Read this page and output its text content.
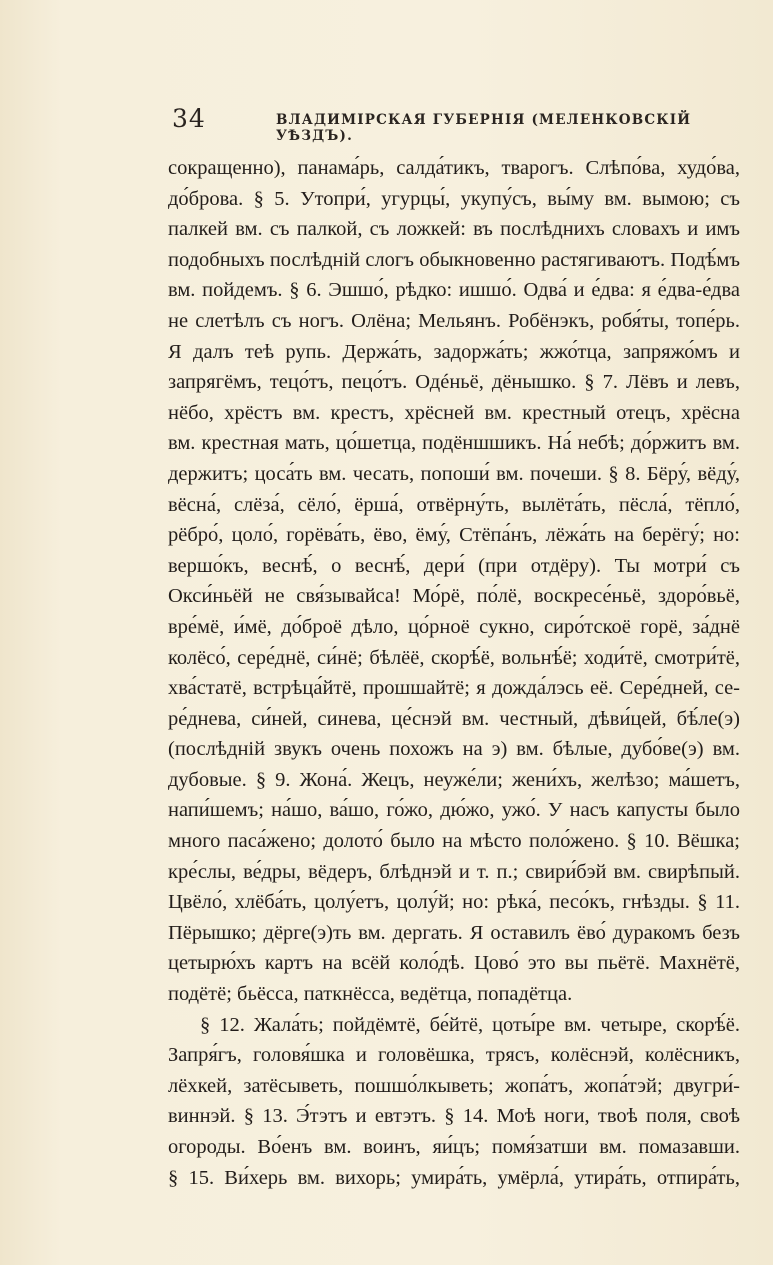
34	ВЛАДИМІРСКАЯ ГУБЕРНІЯ (МЕЛЕНКОВСКІЙ УѢЗДЪ).
сокращенно), панама́рь, салда́тикъ, тварогъ. Слѣпо́ва, худо́ва,
до́брова. § 5. Утопри́, угурцы́, укупу́съ, вы́му вм. вымою; съ
палкей вм. съ палкой, съ ложкей: въ послѣднихъ словахъ и имъ
подобныхъ послѣдній слогъ обыкновенно растягиваютъ. Подѣ́мъ
вм. пойдемъ. § 6. Эшшо́, рѣдко: ишшо́. Одва́ и е́два: я е́два-е́два
не слетѣлъ съ ногъ. Олёна; Мельянъ. Робёнэкъ, робя́ты, топе́рь.
Я далъ теѣ рупь. Держа́ть, задоржа́ть; жжо́тца, запряжо́мъ и
запрягёмъ, тецо́тъ, пецо́тъ. Одéньё, дёнышко. § 7. Лёвъ и левъ,
нёбо, хрёстъ вм. крестъ, хрёсней вм. крестный отецъ, хрёсна
вм. крестная мать, цо́шетца, подёншшикъ. На́ небѣ; до́ржитъ вм.
держитъ; цоса́ть вм. чесать, попоши́ вм. почеши. § 8. Бёру́, вёду́,
вёсна́, слёза́, сёло́, ёрша́, отвёрну́ть, вылёта́ть, пёсла́, тёпло́,
рёбро́, цоло́, горёва́ть, ёво, ёму́, Стёпа́нъ, лёжа́ть на берёгу́; но:
вершо́къ, веснѣ́, о веснѣ́, дери́ (при отдёру). Ты мотри́ съ
Окси́ньёй не свя́зывайса! Мо́рё, по́лё, воскресе́ньё, здоро́вьё,
вре́мё, и́мё, до́броё дѣло, цо́рноё сукно, сиро́тскоё горё, за́днё
колёсо́, сере́днё, си́нё; бѣлёё, скорѣ́ё, вольнѣ́ё; ходи́тё, смотри́тё,
хва́статё, встрѣца́йтё, прошшайтё; я дожда́лэсь её. Сере́дней, се-
ре́днева, си́ней, синева, це́снэй вм. честный, дѣви́цей, бѣ́ле(э)
(послѣдній звукъ очень похожъ на э) вм. бѣлые, дубо́ве(э) вм.
дубовые. § 9. Жона́. Жецъ, неуже́ли; жени́хъ, желѣзо; ма́шетъ,
напи́шемъ; на́шо, ва́шо, го́жо, дю́жо, ужо́. У насъ капусты было
много паса́жено; долото́ было на мѣсто поло́жено. § 10. Вёшка;
кре́слы, ве́дры, вёдеръ, блѣднэй и т. п.; свири́бэй вм. свирѣпый.
Цвёло́, хлёба́ть, цолу́етъ, цолу́й; но: рѣка́, песо́къ, гнѣзды. § 11.
Пёрышко; дёрге(э)ть вм. дергать. Я оставилъ ёво́ дуракомъ безъ
цетырю́хъ картъ на всёй коло́дѣ. Цово́ это вы пьётё. Махнётё,
подётё; бьёсса, паткнёсса, ведётца, попадётца.
§ 12. Жала́ть; пойдёмтё, бе́йтё, цоты́ре вм. четыре, скорѣ́ё.
Запря́гъ, головя́шка и головёшка, трясъ, колёснэй, колёсникъ,
лёхкей, затёсыветь, пошшо́лкыветь; жопа́тъ, жопа́тэй; двугри́-
виннэй. § 13. Э́тэтъ и евтэтъ. § 14. Моѣ ноги, твоѣ поля, своѣ
огороды. Во́енъ вм. воинъ, яи́цъ; помя́затши вм. помазавши.
§ 15. Ви́херь вм. вихорь; умира́ть, умёрла́, утира́ть, отпира́ть,
